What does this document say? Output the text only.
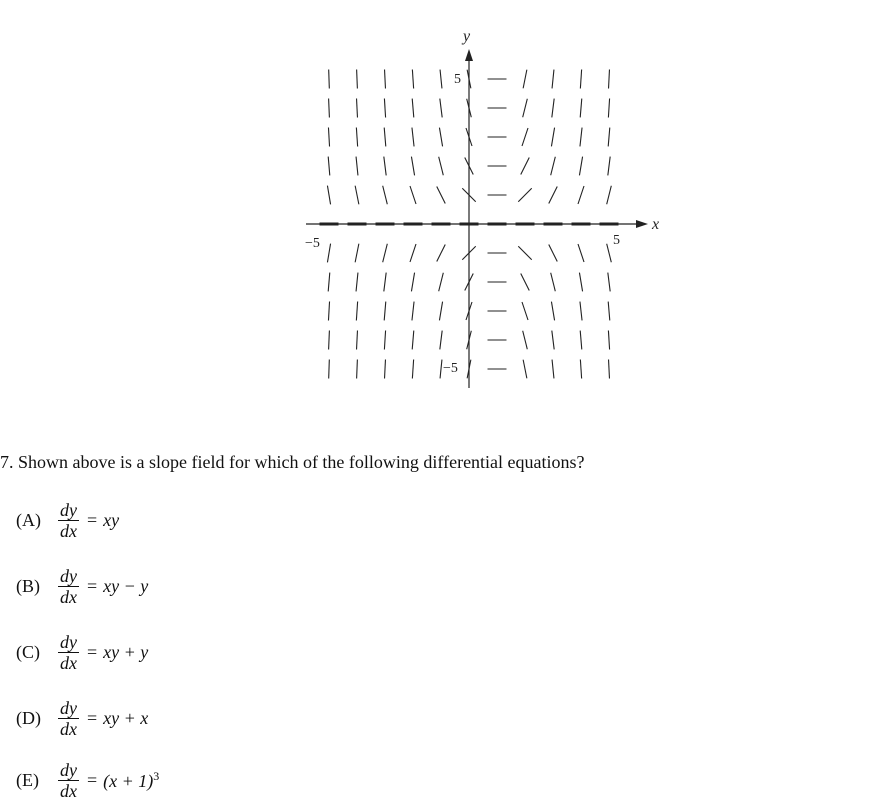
x
y
−5	5
5
−5
7. Shown above is a slope field for which of the following differential equations?
$(A) \frac{dy}{dx}$ = xy
(B)	$\frac{dy}{dx}$ = xy − y
(C)	$\frac{dy}{dx}$ = xy + y
$(D) \frac{dy}{dx}$ = xy + x
(E)	$\frac{dy}{dx} = (x + 1)^3$
